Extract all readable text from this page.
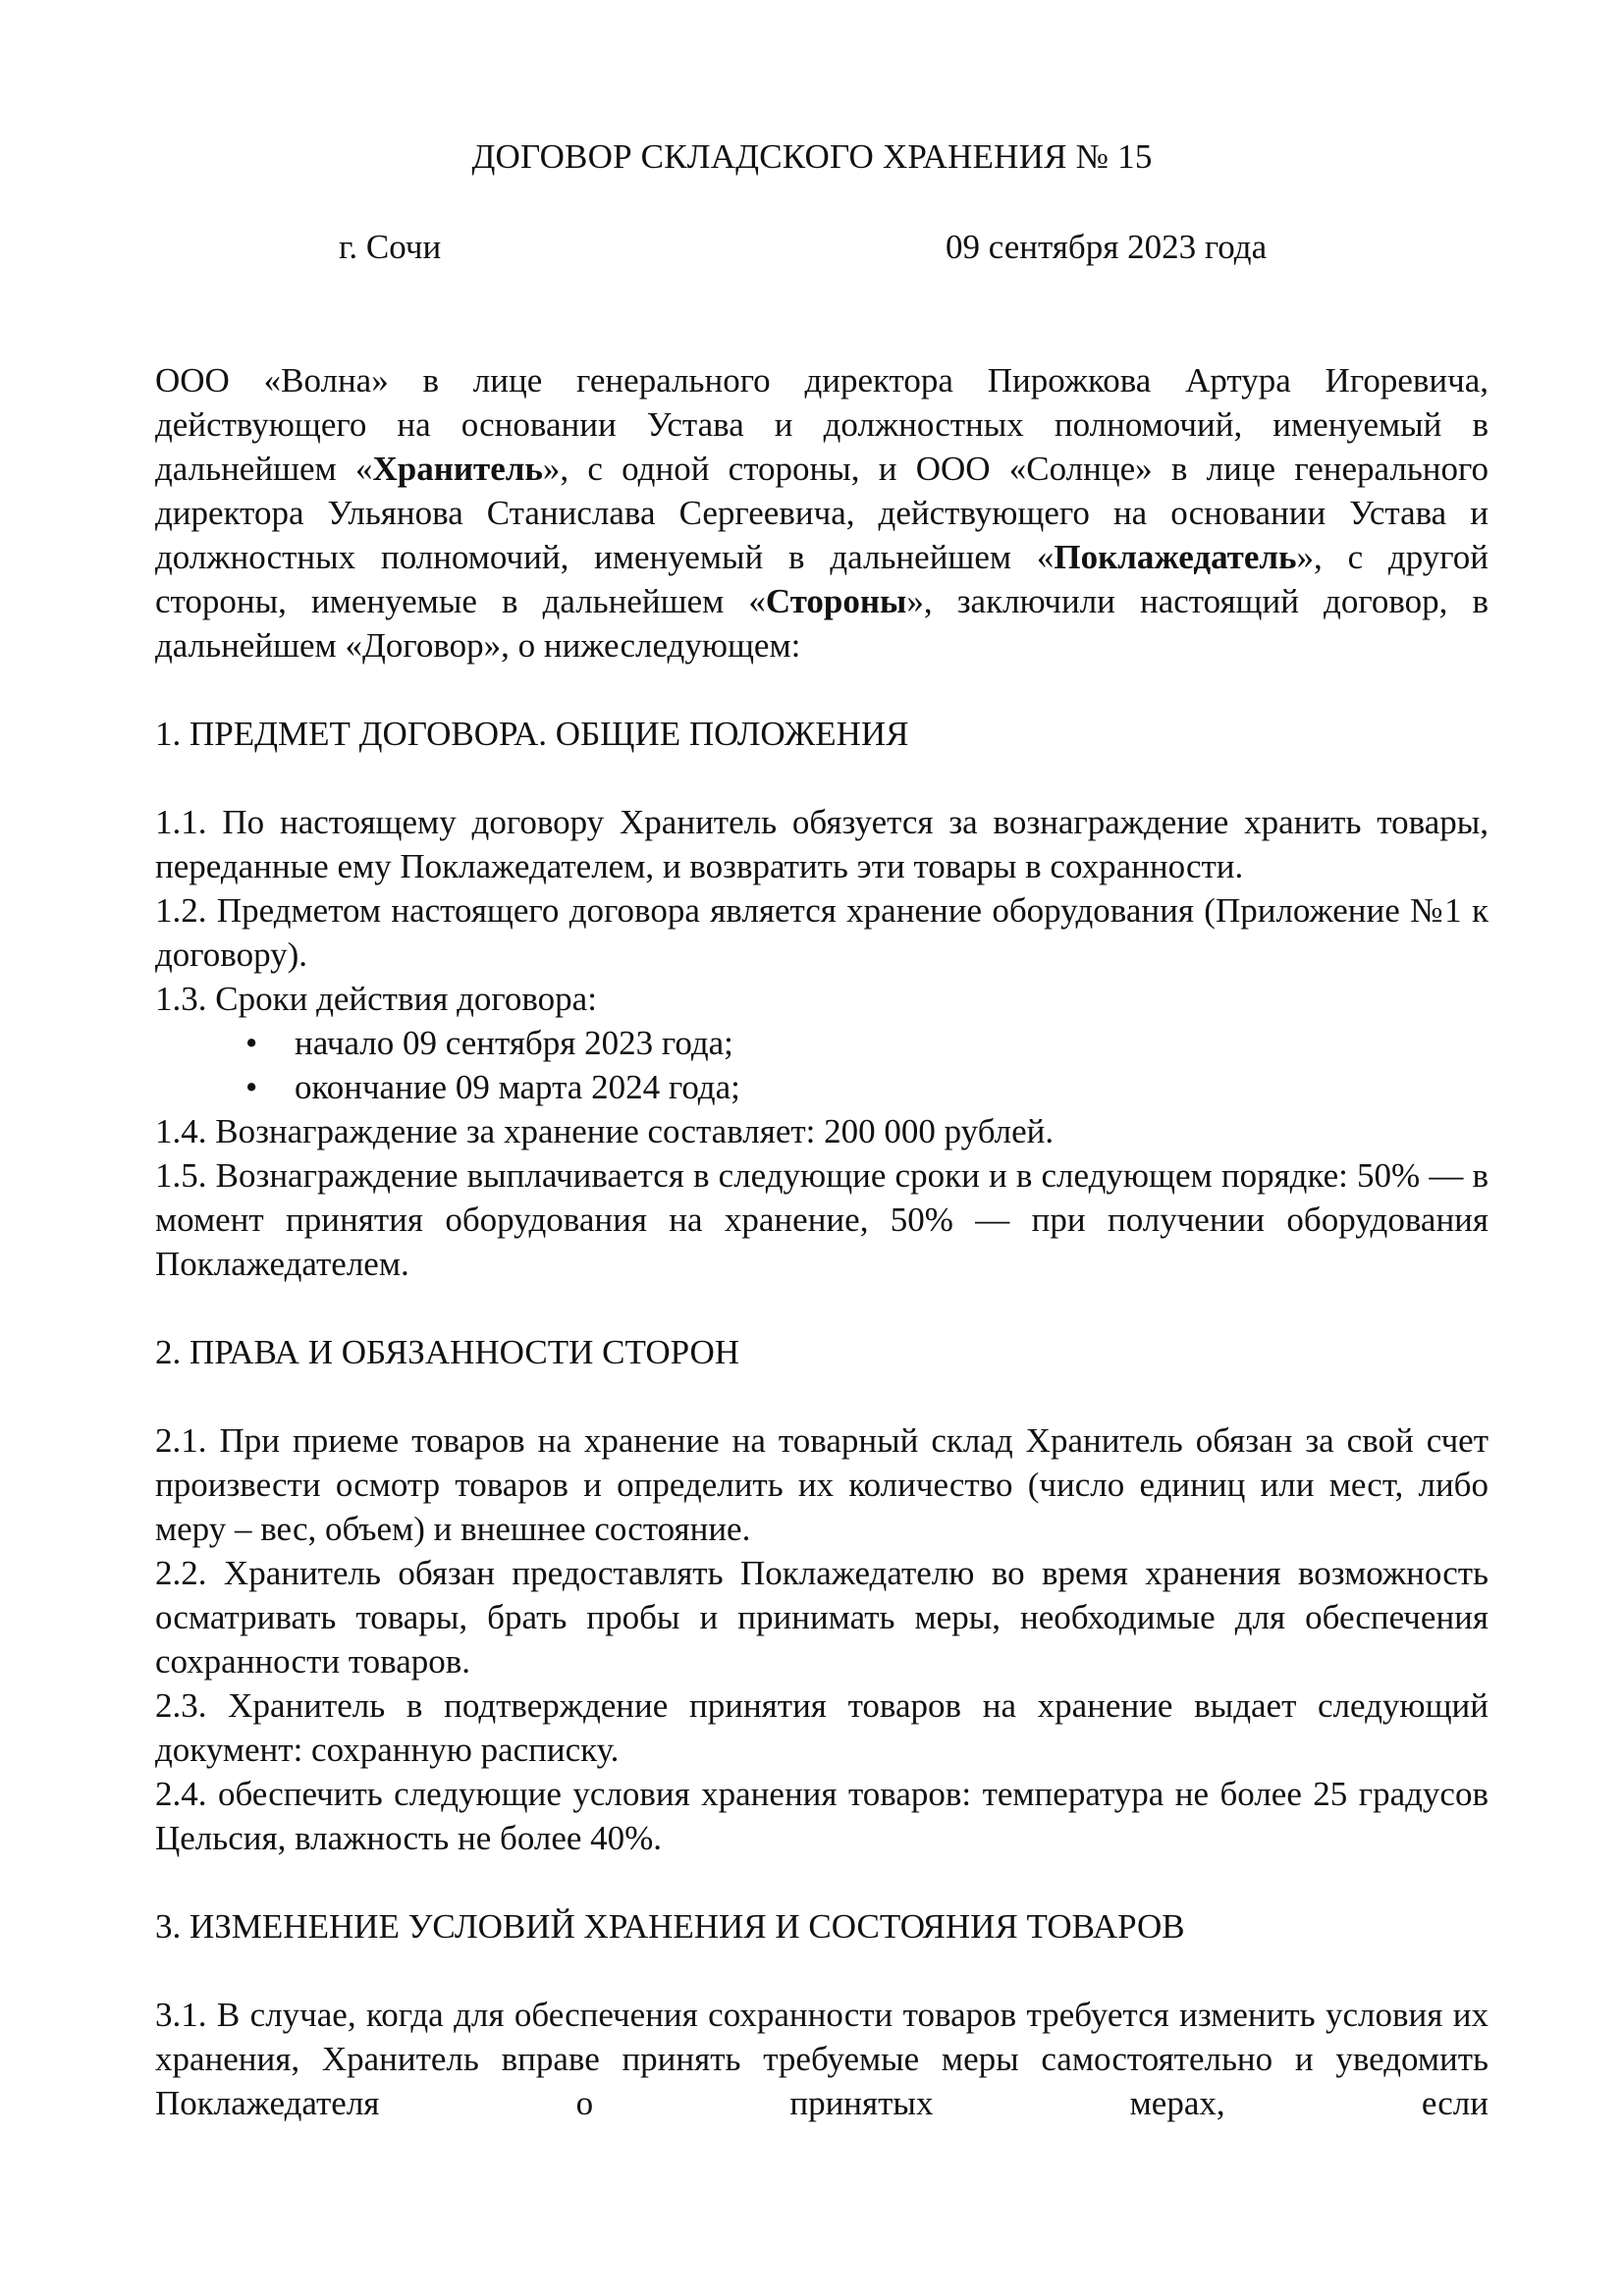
ДОГОВОР СКЛАДСКОГО ХРАНЕНИЯ № 15
г. Сочи	09 сентября 2023 года

ООО «Волна» в лице генерального директора Пирожкова Артура Игоревича, действующего на основании Устава и должностных полномочий, именуемый в дальнейшем «Хранитель», с одной стороны, и ООО «Солнце» в лице генерального директора Ульянова Станислава Сергеевича, действующего на основании Устава и должностных полномочий, именуемый в дальнейшем «Поклажедатель», с другой стороны, именуемые в дальнейшем «Стороны», заключили настоящий договор, в дальнейшем «Договор», о нижеследующем:

1. ПРЕДМЕТ ДОГОВОРА. ОБЩИЕ ПОЛОЖЕНИЯ

1.1. По настоящему договору Хранитель обязуется за вознаграждение хранить товары, переданные ему Поклажедателем, и возвратить эти товары в сохранности.

1.2. Предметом настоящего договора является хранение оборудования (Приложение №1 к договору).

1.3. Сроки действия договора:

• начало 09 сентября 2023 года;
• окончание 09 марта 2024 года;

1.4. Вознаграждение за хранение составляет: 200 000 рублей.

1.5. Вознаграждение выплачивается в следующие сроки и в следующем порядке: 50% — в момент принятия оборудования на хранение, 50% — при получении оборудования Поклажедателем.

2. ПРАВА И ОБЯЗАННОСТИ СТОРОН

2.1. При приеме товаров на хранение на товарный склад Хранитель обязан за свой счет произвести осмотр товаров и определить их количество (число единиц или мест, либо меру – вес, объем) и внешнее состояние.

2.2. Хранитель обязан предоставлять Поклажедателю во время хранения возможность осматривать товары, брать пробы и принимать меры, необходимые для обеспечения сохранности товаров.

2.3. Хранитель в подтверждение принятия товаров на хранение выдает следующий документ: сохранную расписку.

2.4. обеспечить следующие условия хранения товаров: температура не более 25 градусов Цельсия, влажность не более 40%.

3. ИЗМЕНЕНИЕ УСЛОВИЙ ХРАНЕНИЯ И СОСТОЯНИЯ ТОВАРОВ

3.1. В случае, когда для обеспечения сохранности товаров требуется изменить условия их хранения, Хранитель вправе принять требуемые меры самостоятельно и уведомить Поклажедателя о принятых мерах, если
